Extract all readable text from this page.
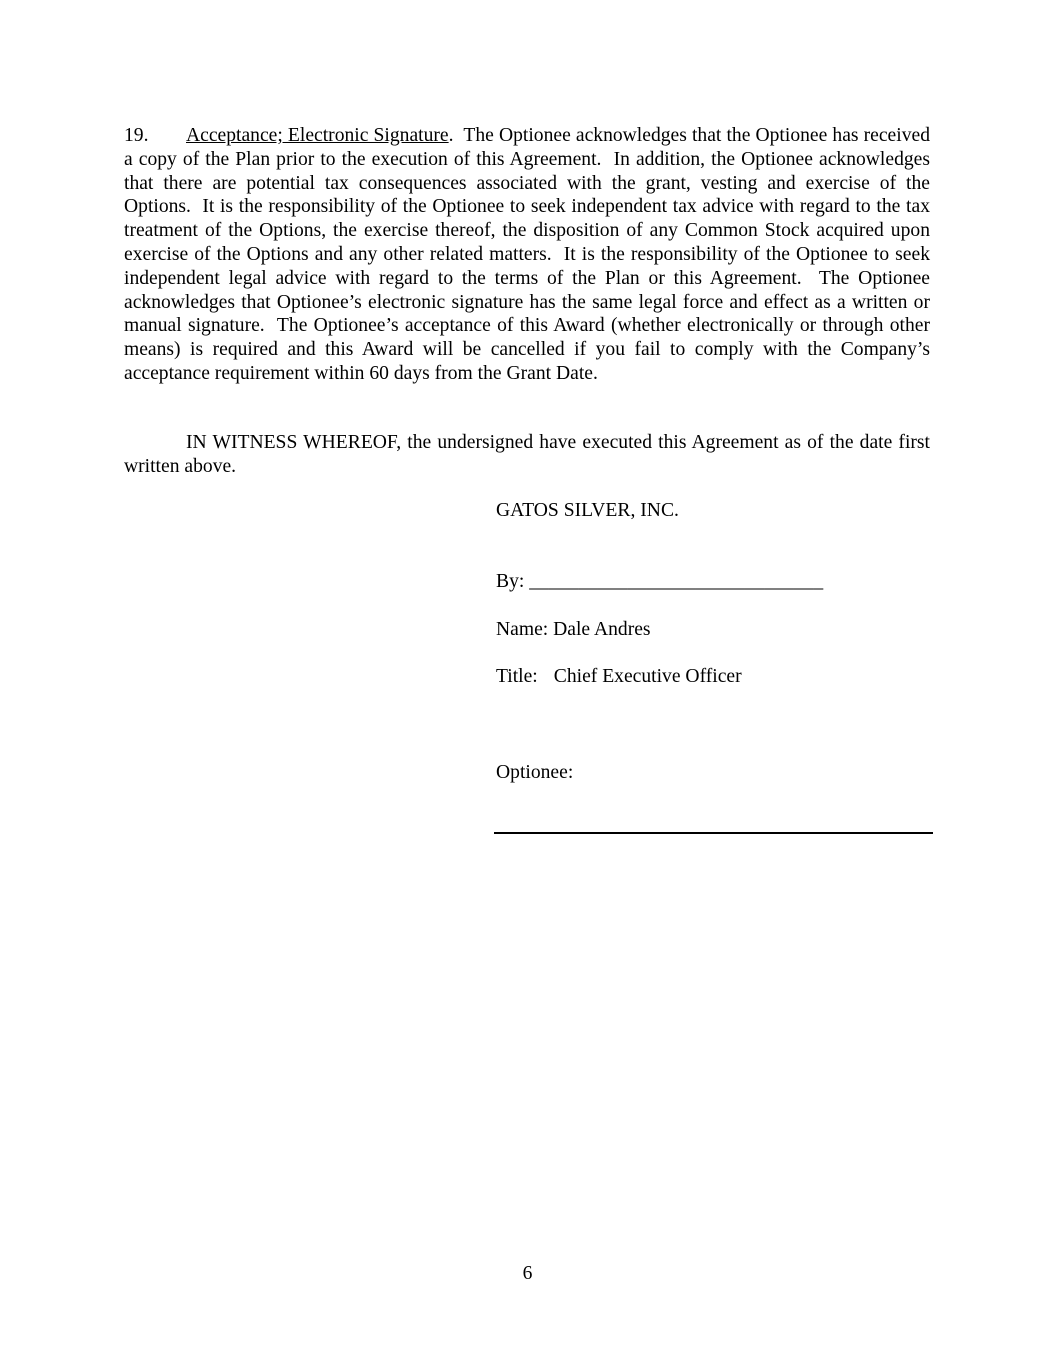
19. Acceptance; Electronic Signature.  The Optionee acknowledges that the Optionee has received a copy of the Plan prior to the execution of this Agreement.  In addition, the Optionee acknowledges that there are potential tax consequences associated with the grant, vesting and exercise of the Options.  It is the responsibility of the Optionee to seek independent tax advice with regard to the tax treatment of the Options, the exercise thereof, the disposition of any Common Stock acquired upon exercise of the Options and any other related matters.  It is the responsibility of the Optionee to seek independent legal advice with regard to the terms of the Plan or this Agreement.  The Optionee acknowledges that Optionee’s electronic signature has the same legal force and effect as a written or manual signature.  The Optionee’s acceptance of this Award (whether electronically or through other means) is required and this Award will be cancelled if you fail to comply with the Company’s acceptance requirement within 60 days from the Grant Date.
IN WITNESS WHEREOF, the undersigned have executed this Agreement as of the date first written above.
GATOS SILVER, INC.
By: ______________________________
Name: Dale Andres
Title: Chief Executive Officer
Optionee:
6
